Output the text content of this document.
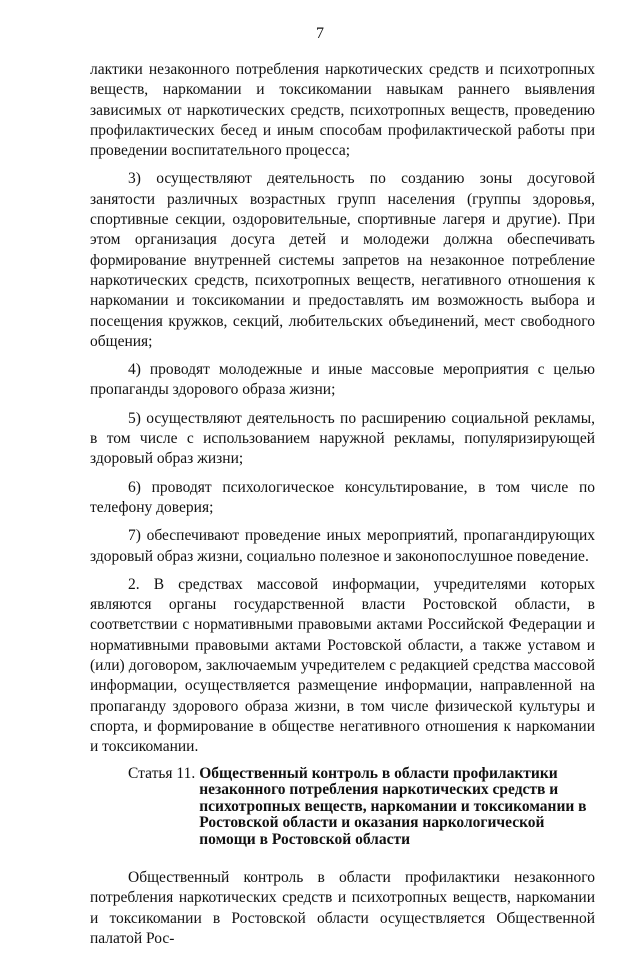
7

лактики незаконного потребления наркотических средств и психотропных веществ, наркомании и токсикомании навыкам раннего выявления зависимых от наркотических средств, психотропных веществ, проведению профилактических бесед и иным способам профилактической работы при проведении воспитательного процесса;

3) осуществляют деятельность по созданию зоны досуговой занятости различных возрастных групп населения (группы здоровья, спортивные секции, оздоровительные, спортивные лагеря и другие). При этом организация досуга детей и молодежи должна обеспечивать формирование внутренней системы запретов на незаконное потребление наркотических средств, психотропных веществ, негативного отношения к наркомании и токсикомании и предоставлять им возможность выбора и посещения кружков, секций, любительских объединений, мест свободного общения;

4) проводят молодежные и иные массовые мероприятия с целью пропаганды здорового образа жизни;

5) осуществляют деятельность по расширению социальной рекламы, в том числе с использованием наружной рекламы, популяризирующей здоровый образ жизни;

6) проводят психологическое консультирование, в том числе по телефону доверия;

7) обеспечивают проведение иных мероприятий, пропагандирующих здоровый образ жизни, социально полезное и законопослушное поведение.

2. В средствах массовой информации, учредителями которых являются органы государственной власти Ростовской области, в соответствии с нормативными правовыми актами Российской Федерации и нормативными правовыми актами Ростовской области, а также уставом и (или) договором, заключаемым учредителем с редакцией средства массовой информации, осуществляется размещение информации, направленной на пропаганду здорового образа жизни, в том числе физической культуры и спорта, и формирование в обществе негативного отношения к наркомании и токсикомании.

Статья 11. Общественный контроль в области профилактики незаконного потребления наркотических средств и психотропных веществ, наркомании и токсикомании в Ростовской области и оказания наркологической помощи в Ростовской области

Общественный контроль в области профилактики незаконного потребления наркотических средств и психотропных веществ, наркомании и токсикомании в Ростовской области осуществляется Общественной палатой Рос-
